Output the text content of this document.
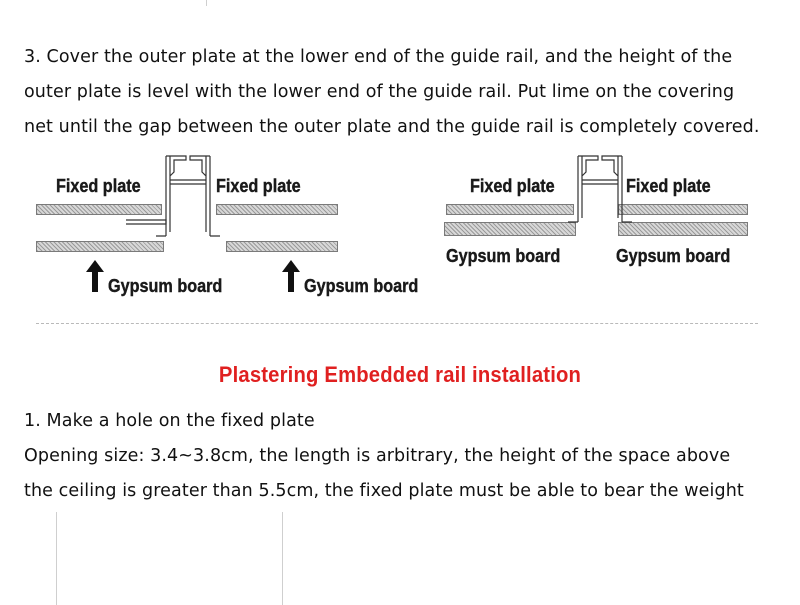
3. Cover the outer plate at the lower end of the guide rail, and the height of the

outer plate is level with the lower end of the guide rail. Put lime on the covering

net until the gap between the outer plate and the guide rail is completely covered.

Fixed plate	Fixed plate
Gypsum board	Gypsum board
Fixed plate	Fixed plate
Gypsum board	Gypsum board
Plastering Embedded rail installation

1. Make a hole on the fixed plate

Opening size: 3.4~3.8cm, the length is arbitrary, the height of the space above

the ceiling is greater than 5.5cm, the fixed plate must be able to bear the weight
